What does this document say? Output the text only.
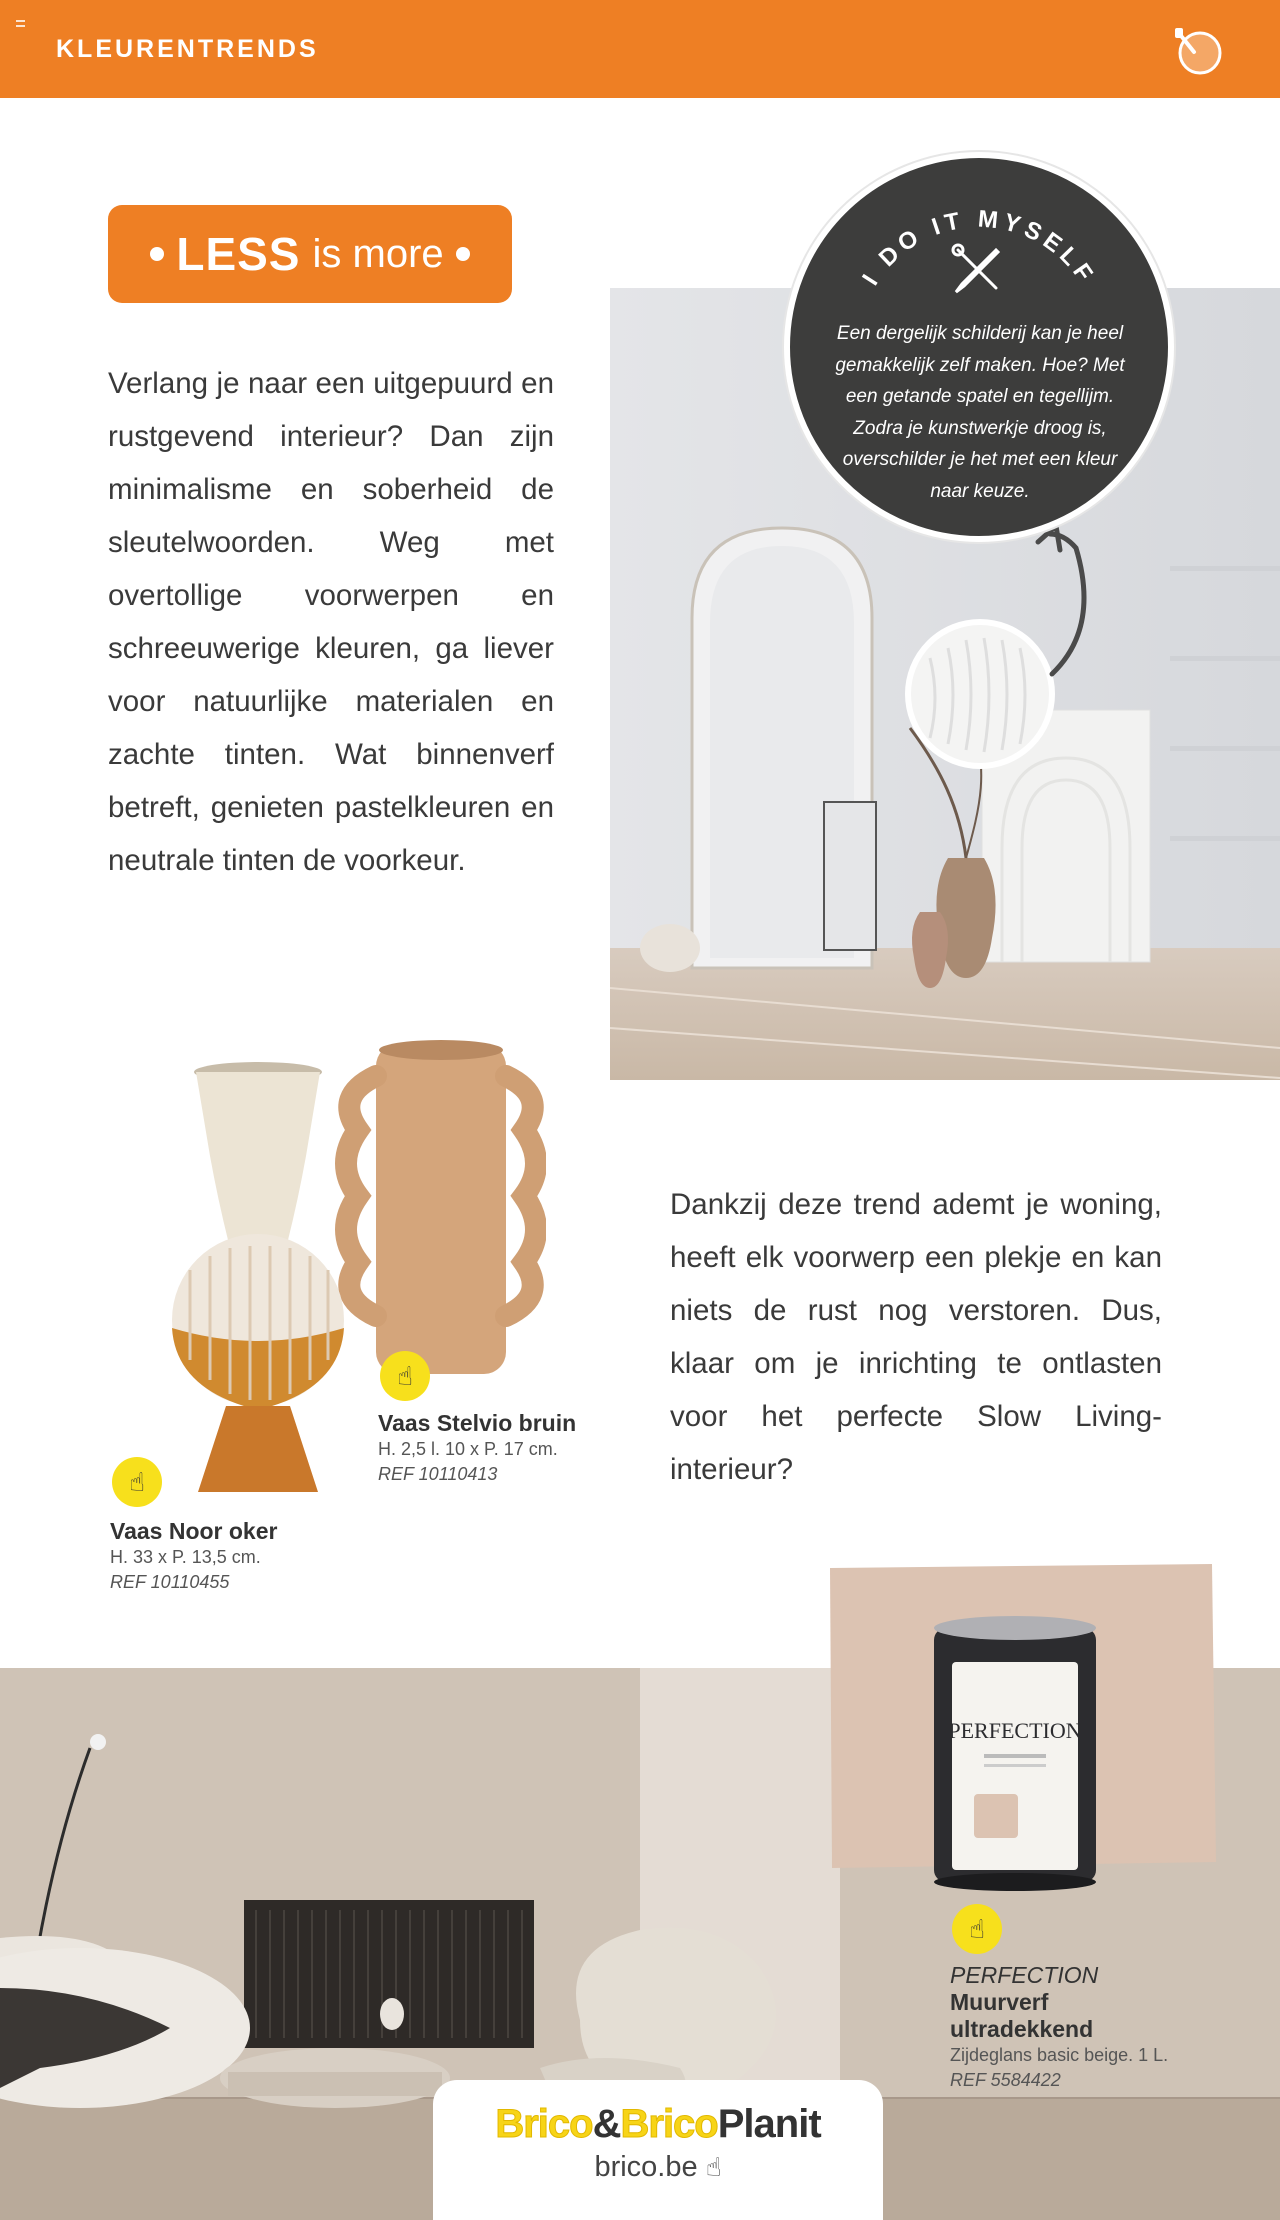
KLEURENTRENDS
LESS is more

Verlang je naar een uitgepuurd en rustgevend interieur? Dan zijn minimalisme en soberheid de sleutelwoorden. Weg met overtollige voorwerpen en schreeuwerige kleuren, ga liever voor natuurlijke materialen en zachte tinten. Wat binnenverf betreft, genieten pastelkleuren en neutrale tinten de voorkeur.

I DO IT MYSELF

Een dergelijk schilderij kan je heel gemakkelijk zelf maken. Hoe? Met een getande spatel en tegellijm. Zodra je kunstwerkje droog is, overschilder je het met een kleur naar keuze.

☝
Vaas Stelvio bruin
H. 2,5 l. 10 x P. 17 cm.
REF 10110413
☝
Vaas Noor oker
H. 33 x P. 13,5 cm.
REF 10110455

Dankzij deze trend ademt je woning, heeft elk voorwerp een plekje en kan niets de rust nog verstoren. Dus, klaar om je inrichting te ontlasten voor het perfecte Slow Living-interieur?

PERFECTION
☝
PERFECTION
Muurverf
ultradekkend
Zijdeglans basic beige. 1 L.
REF 5584422
Brico&BricoPlanit
brico.be ☝
